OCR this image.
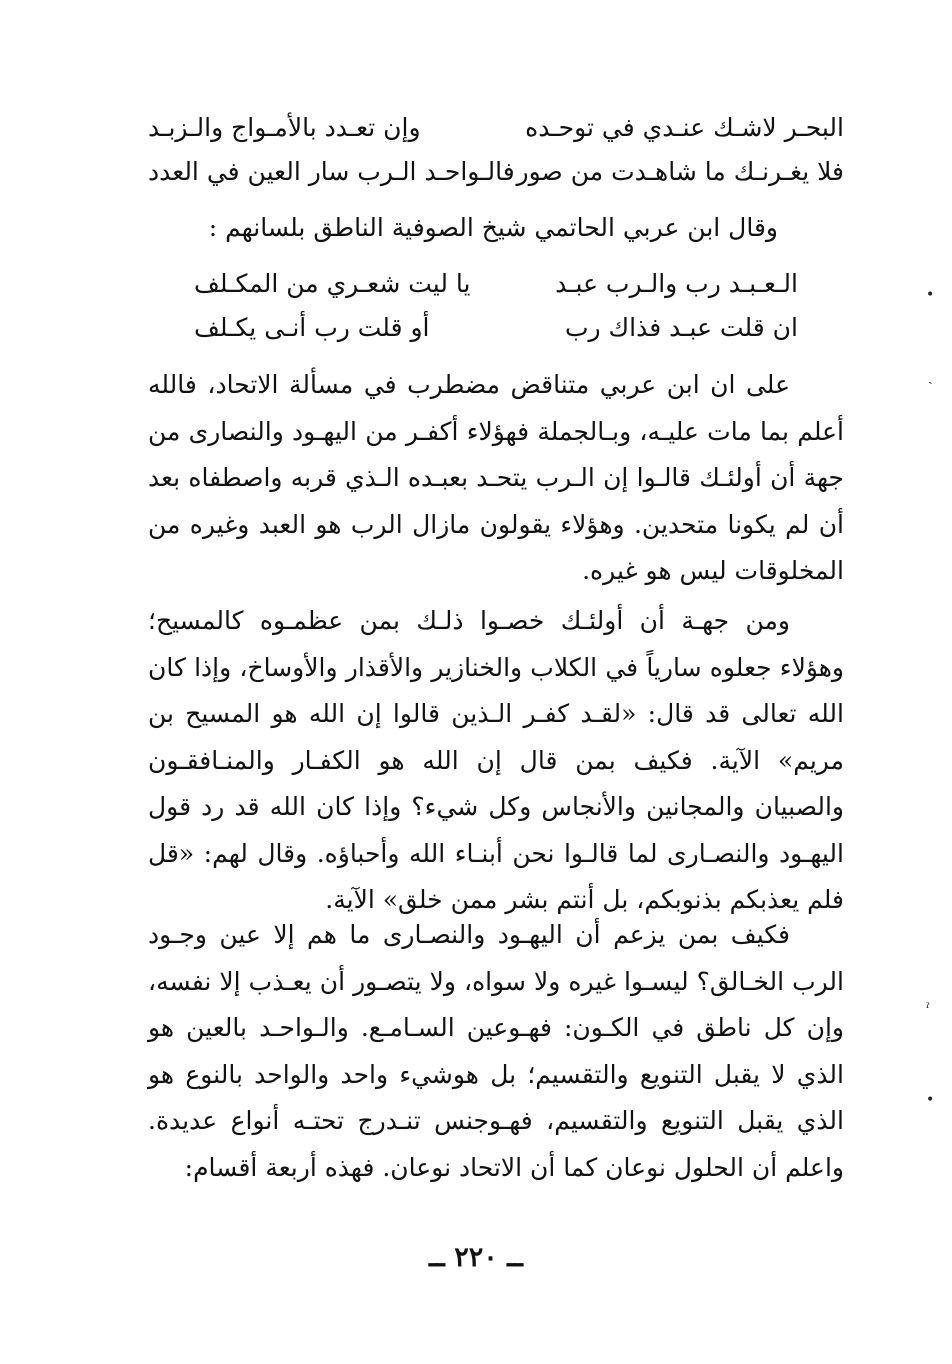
•
ˏ
ˀ
•
البحـر لاشـك عنـدي في توحـده
وإن تعـدد بالأمـواج والـزبـد
فلا يغـرنـك ما شاهـدت من صور
فالـواحـد الـرب سار العين في العدد
وقال ابن عربي الحاتمي شيخ الصوفية الناطق بلسانهم :
الـعـبـد رب والـرب عبـد
يا ليت شعـري من المكـلف
ان قلت عبـد فذاك رب
أو قلت رب أنـى يكـلف

على ان ابن عربي متناقض مضطرب في مسألة الاتحاد، فالله أعلم بما مات عليـه، وبـالجملة فهؤلاء أكفـر من اليهـود والنصارى من جهة أن أولئـك قالـوا إن الـرب يتحـد بعبـده الـذي قربه واصطفاه بعد أن لم يكونا متحدين. وهؤلاء يقولون مازال الرب هو العبد وغيره من المخلوقات ليس هو غيره.

ومن جهـة أن أولئـك خصـوا ذلـك بمن عظمـوه كالمسيح؛ وهؤلاء جعلوه سارياً في الكلاب والخنازير والأقذار والأوساخ، وإذا كان الله تعالى قد قال: «لقـد كفـر الـذين قالوا إن الله هو المسيح بن مريم» الآية. فكيف بمن قال إن الله هو الكفـار والمنـافقـون والصبيان والمجانين والأنجاس وكل شيء؟ وإذا كان الله قد رد قول اليهـود والنصـارى لما قالـوا نحن أبنـاء الله وأحباؤه. وقال لهم: «قل فلم يعذبكم بذنوبكم، بل أنتم بشر ممن خلق» الآية.

فكيف بمن يزعم أن اليهـود والنصـارى ما هم إلا عين وجـود الرب الخـالق؟ ليسـوا غيره ولا سواه، ولا يتصـور أن يعـذب إلا نفسه، وإن كل ناطق في الكـون: فهـوعين السـامـع. والـواحـد بالعين هو الذي لا يقبل التنويع والتقسيم؛ بل هوشيء واحد والواحد بالنوع هو الذي يقبل التنويع والتقسيم، فهـوجنس تنـدرج تحتـه أنواع عديدة. واعلم أن الحلول نوعان كما أن الاتحاد نوعان. فهذه أربعة أقسام:

ــ ٢٢٠ ــ
